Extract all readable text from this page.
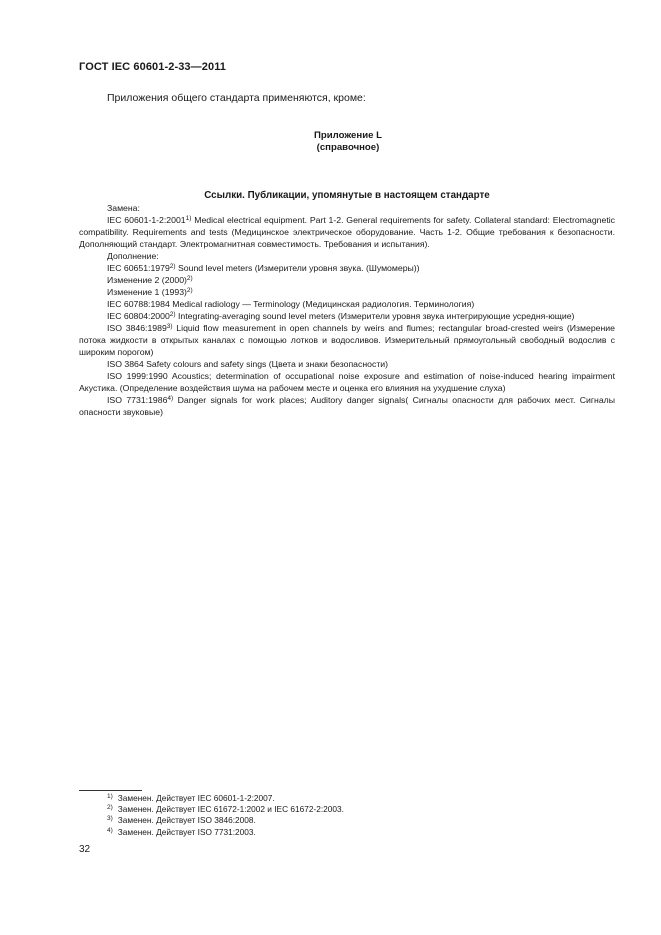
ГОСТ IEC 60601-2-33—2011
Приложения общего стандарта применяются, кроме:
Приложение L
(справочное)
Ссылки. Публикации, упомянутые в настоящем стандарте

Замена:

IEC 60601-1-2:2001$^{1)}$ Medical electrical equipment. Part 1-2. General requirements for safety. Collateral standard: Electromagnetic compatibility. Requirements and tests (Медицинское электрическое оборудование. Часть 1-2. Общие требования к безопасности. Дополняющий стандарт. Электромагнитная совместимость. Требования и испытания).

Дополнение:

IEC 60651:1979$^{2)}$ Sound level meters (Измерители уровня звука. (Шумомеры))

Изменение 2 $(2000)^{2)}$

Изменение 1 $(1993)^{2)}$

IEC 60788:1984 Medical radiology — Terminology (Медицинская радиология. Терминология)

IEC 60804:2000$^{2)}$ Integrating-averaging sound level meters (Измерители уровня звука интегрирующие усредня-ющие)

ISO 3846:1989$^{3)}$ Liquid flow measurement in open channels by weirs and flumes; rectangular broad-crested weirs (Измерение потока жидкости в открытых каналах с помощью лотков и водосливов. Измерительный прямоугольный свободный водослив с широким порогом)

ISO 3864 Safety colours and safety sings (Цвета и знаки безопасности)

ISO 1999:1990 Acoustics; determination of occupational noise exposure and estimation of noise-induced hearing impairment Акустика. (Определение воздействия шума на рабочем месте и оценка его влияния на ухудшение слуха)

ISO 7731:1986$^{4)}$ Danger signals for work places; Auditory danger signals( Сигналы опасности для рабочих мест. Сигналы опасности звуковые)

$^{1)}$ Заменен. Действует IEC 60601-1-2:2007.
$^{2)}$ Заменен. Действует IEC 61672-1:2002 и IEC 61672-2:2003.
$^{3)}$ Заменен. Действует ISO 3846:2008.
$^{4)}$ Заменен. Действует ISO 7731:2003.
32
